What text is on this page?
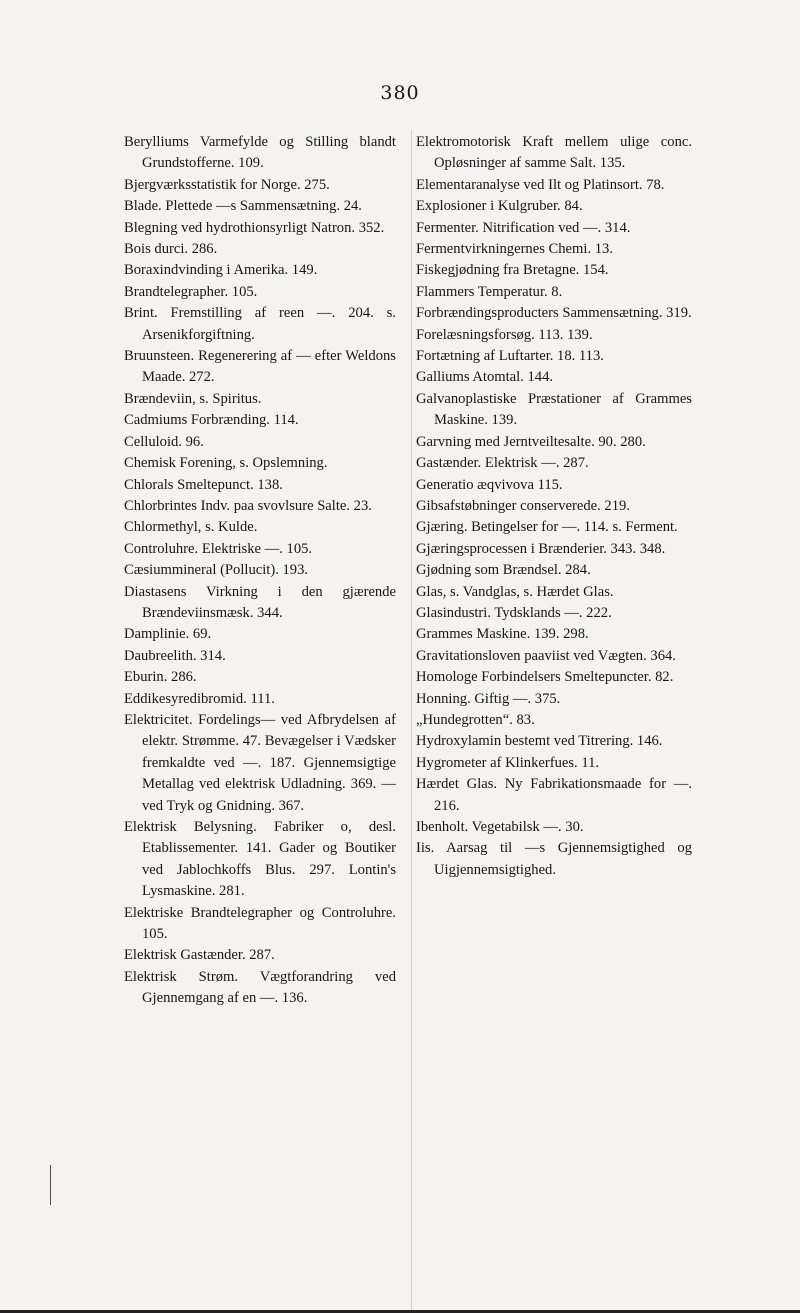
380
Berylliums Varmefylde og Stilling blandt Grundstofferne. 109.
Bjergværksstatistik for Norge. 275.
Blade. Plettede —s Sammensætning. 24.
Blegning ved hydrothionsyrligt Natron. 352.
Bois durci. 286.
Boraxindvinding i Amerika. 149.
Brandtelegrapher. 105.
Brint. Fremstilling af reen —. 204. s. Arsenikforgiftning.
Bruunsteen. Regenerering af — efter Weldons Maade. 272.
Brændeviin, s. Spiritus.
Cadmiums Forbrænding. 114.
Celluloid. 96.
Chemisk Forening, s. Opslemning.
Chlorals Smeltepunct. 138.
Chlorbrintes Indv. paa svovlsure Salte. 23.
Chlormethyl, s. Kulde.
Controluhre. Elektriske —. 105.
Cæsiummineral (Pollucit). 193.
Diastasens Virkning i den gjærende Brændeviinsmæsk. 344.
Damplinie. 69.
Daubreelith. 314.
Eburin. 286.
Eddikesyredibromid. 111.
Elektricitet. Fordelings— ved Afbrydelsen af elektr. Strømme. 47. Bevægelser i Vædsker fremkaldte ved —. 187. Gjennemsigtige Metallag ved elektrisk Udladning. 369. — ved Tryk og Gnidning. 367.
Elektrisk Belysning. Fabriker o, desl. Etablissementer. 141. Gader og Boutiker ved Jablochkoffs Blus. 297. Lontin's Lysmaskine. 281.
Elektriske Brandtelegrapher og Controluhre. 105.
Elektrisk Gastænder. 287.
Elektrisk Strøm. Vægtforandring ved Gjennemgang af en —. 136.
Elektromotorisk Kraft mellem ulige conc. Opløsninger af samme Salt. 135.
Elementaranalyse ved Ilt og Platinsort. 78.
Explosioner i Kulgruber. 84.
Fermenter. Nitrification ved —. 314.
Fermentvirkningernes Chemi. 13.
Fiskegjødning fra Bretagne. 154.
Flammers Temperatur. 8.
Forbrændingsproducters Sammensætning. 319.
Forelæsningsforsøg. 113. 139.
Fortætning af Luftarter. 18. 113.
Galliums Atomtal. 144.
Galvanoplastiske Præstationer af Grammes Maskine. 139.
Garvning med Jerntveiltesalte. 90. 280.
Gastænder. Elektrisk —. 287.
Generatio æqvivova 115.
Gibsafstøbninger conserverede. 219.
Gjæring. Betingelser for —. 114. s. Ferment.
Gjæringsprocessen i Brænderier. 343. 348.
Gjødning som Brændsel. 284.
Glas, s. Vandglas, s. Hærdet Glas.
Glasindustri. Tydsklands —. 222.
Grammes Maskine. 139. 298.
Gravitationsloven paaviist ved Vægten. 364.
Homologe Forbindelsers Smeltepuncter. 82.
Honning. Giftig —. 375.
„Hundegrotten“. 83.
Hydroxylamin bestemt ved Titrering. 146.
Hygrometer af Klinkerfues. 11.
Hærdet Glas. Ny Fabrikationsmaade for —. 216.
Ibenholt. Vegetabilsk —. 30.
Iis. Aarsag til —s Gjennemsigtighed og Uigjennemsigtighed.
